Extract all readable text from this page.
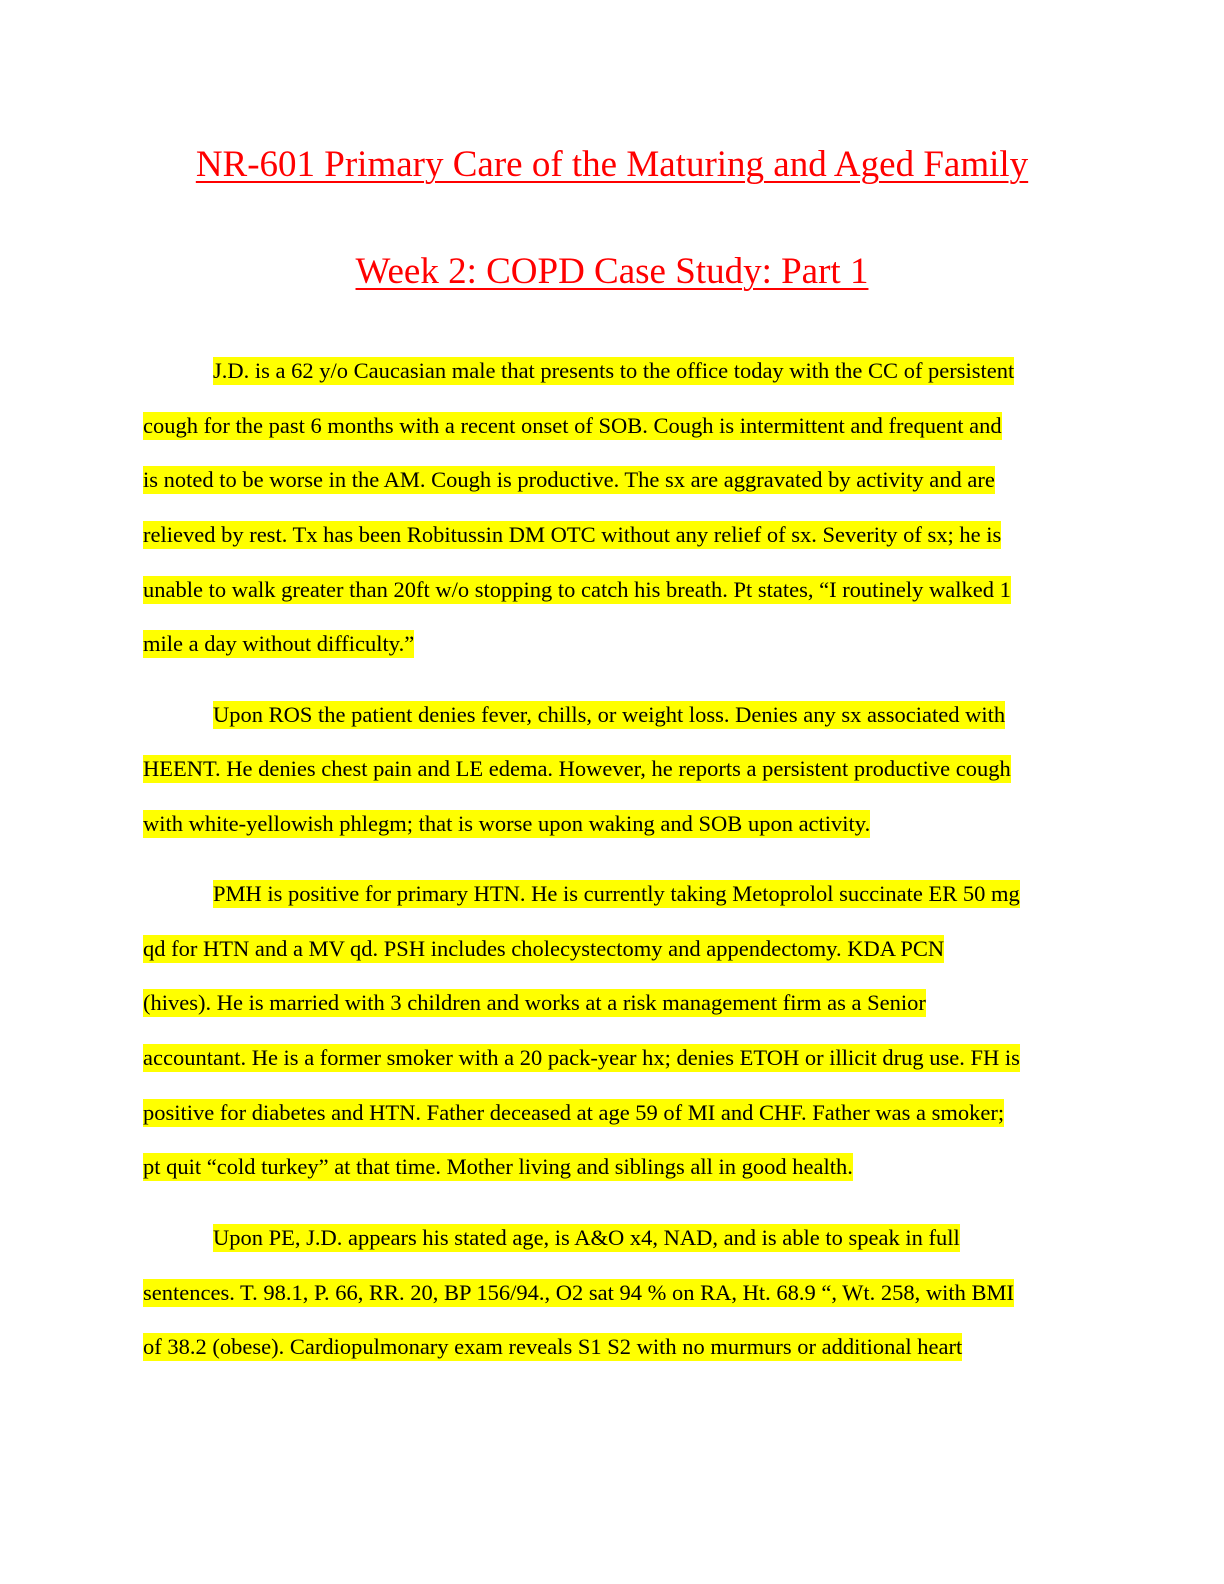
NR-601 Primary Care of the Maturing and Aged Family
Week 2: COPD Case Study: Part 1
J.D. is a 62 y/o Caucasian male that presents to the office today with the CC of persistent
cough for the past 6 months with a recent onset of SOB. Cough is intermittent and frequent and
is noted to be worse in the AM. Cough is productive. The sx are aggravated by activity and are
relieved by rest. Tx has been Robitussin DM OTC without any relief of sx. Severity of sx; he is
unable to walk greater than 20ft w/o stopping to catch his breath. Pt states, “I routinely walked 1
mile a day without difficulty.”
Upon ROS the patient denies fever, chills, or weight loss. Denies any sx associated with
HEENT. He denies chest pain and LE edema. However, he reports a persistent productive cough
with white-yellowish phlegm; that is worse upon waking and SOB upon activity.
PMH is positive for primary HTN. He is currently taking Metoprolol succinate ER 50 mg
qd for HTN and a MV qd. PSH includes cholecystectomy and appendectomy. KDA PCN
(hives). He is married with 3 children and works at a risk management firm as a Senior
accountant. He is a former smoker with a 20 pack-year hx; denies ETOH or illicit drug use. FH is
positive for diabetes and HTN. Father deceased at age 59 of MI and CHF. Father was a smoker;
pt quit “cold turkey” at that time. Mother living and siblings all in good health.
Upon PE, J.D. appears his stated age, is A&O x4, NAD, and is able to speak in full
sentences. T. 98.1, P. 66, RR. 20, BP 156/94., O2 sat 94 % on RA, Ht. 68.9 “, Wt. 258, with BMI
of 38.2 (obese). Cardiopulmonary exam reveals S1 S2 with no murmurs or additional heart
